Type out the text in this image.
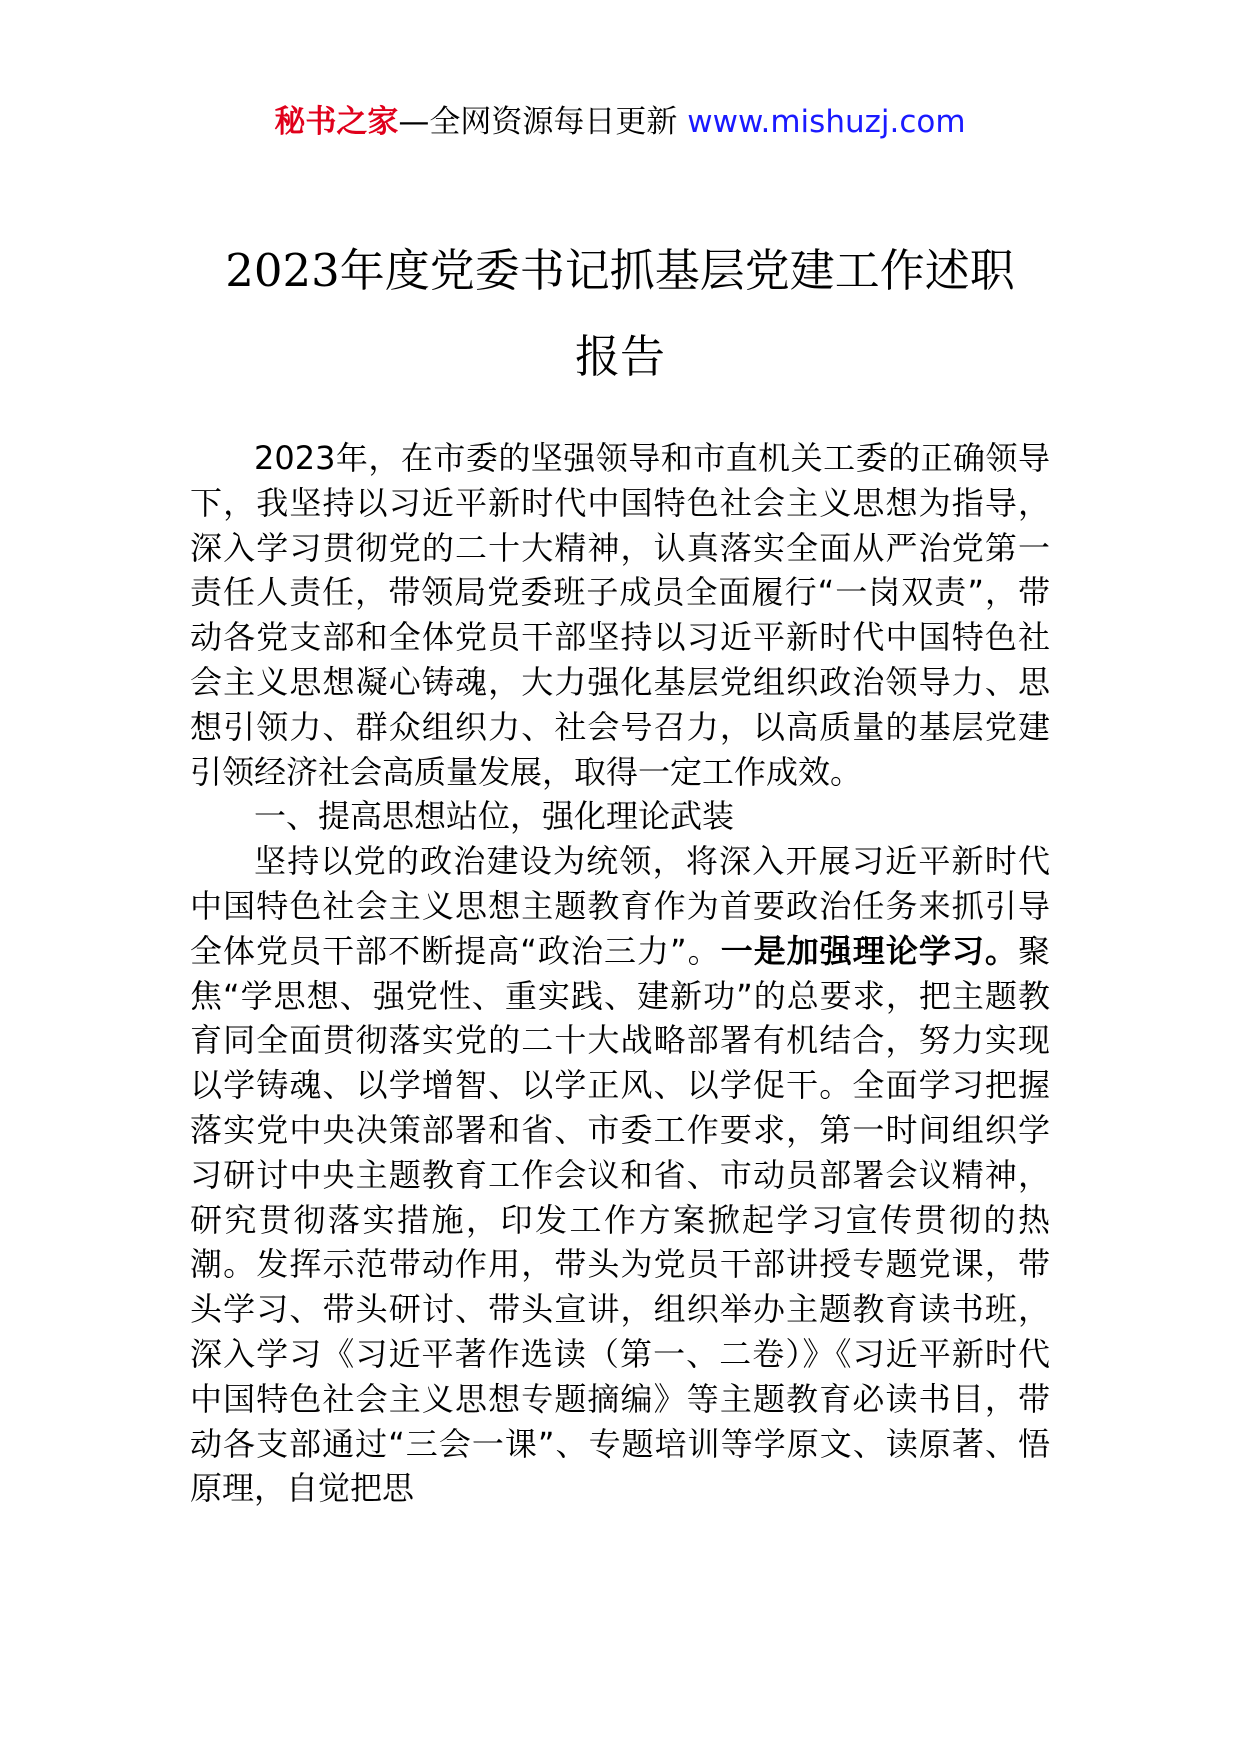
秘书之家—全网资源每日更新 www.mishuzj.com
2023年度党委书记抓基层党建工作述职
报告

2023年，在市委的坚强领导和市直机关工委的正确领导下，我坚持以习近平新时代中国特色社会主义思想为指导，深入学习贯彻党的二十大精神，认真落实全面从严治党第一责任人责任，带领局党委班子成员全面履行“一岗双责”，带动各党支部和全体党员干部坚持以习近平新时代中国特色社会主义思想凝心铸魂，大力强化基层党组织政治领导力、思想引领力、群众组织力、社会号召力，以高质量的基层党建引领经济社会高质量发展，取得一定工作成效。

一、提高思想站位，强化理论武装

坚持以党的政治建设为统领，将深入开展习近平新时代中国特色社会主义思想主题教育作为首要政治任务来抓引导全体党员干部不断提高“政治三力”。一是加强理论学习。聚焦“学思想、强党性、重实践、建新功”的总要求，把主题教育同全面贯彻落实党的二十大战略部署有机结合，努力实现以学铸魂、以学增智、以学正风、以学促干。全面学习把握落实党中央决策部署和省、市委工作要求，第一时间组织学习研讨中央主题教育工作会议和省、市动员部署会议精神，研究贯彻落实措施，印发工作方案掀起学习宣传贯彻的热潮。发挥示范带动作用，带头为党员干部讲授专题党课，带头学习、带头研讨、带头宣讲，组织举办主题教育读书班，深入学习《习近平著作选读（第一、二卷）》《习近平新时代中国特色社会主义思想专题摘编》等主题教育必读书目，带动各支部通过“三会一课”、专题培训等学原文、读原著、悟原理，自觉把思
